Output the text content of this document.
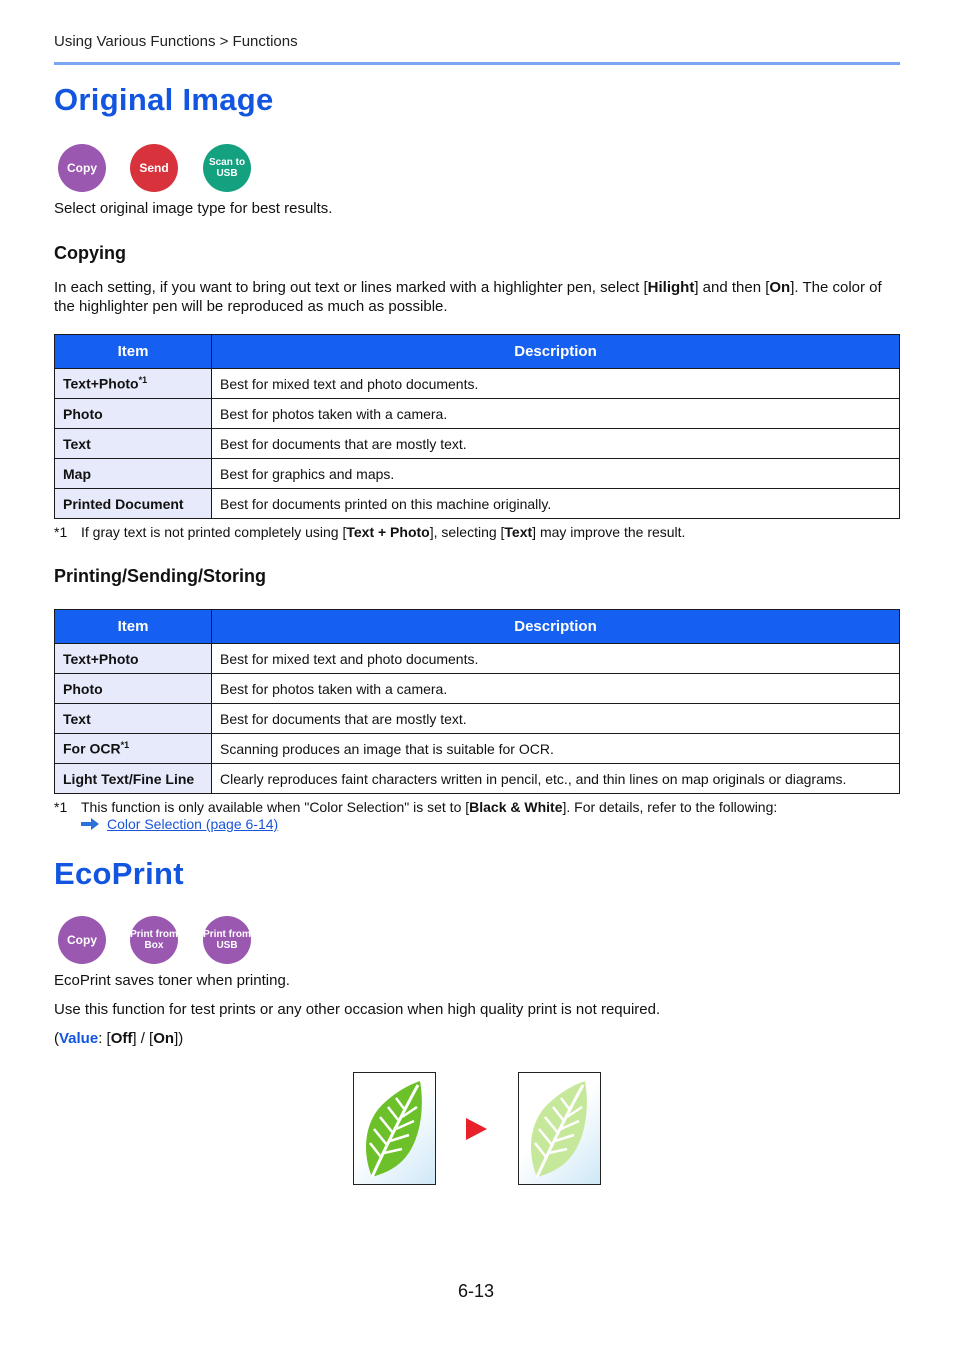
Using Various Functions > Functions
Original Image
Copy	Send	Scan to
USB
Select original image type for best results.
Copying
In each setting, if you want to bring out text or lines marked with a highlighter pen, select [Hilight] and then [On]. The color of the highlighter pen will be reproduced as much as possible.
Item	Description
Text+Photo$^{*1}$	Best for mixed text and photo documents.
Photo	Best for photos taken with a camera.
Text	Best for documents that are mostly text.
Map	Best for graphics and maps.
Printed Document	Best for documents printed on this machine originally.
*1 If gray text is not printed completely using [Text + Photo], selecting [Text] may improve the result.
Printing/Sending/Storing
Item	Description
Text+Photo	Best for mixed text and photo documents.
Photo	Best for photos taken with a camera.
Text	Best for documents that are mostly text.
For OCR$^{*1}$	Scanning produces an image that is suitable for OCR.
Light Text/Fine Line	Clearly reproduces faint characters written in pencil, etc., and thin lines on map originals or diagrams.
*1 This function is only available when "Color Selection" is set to [Black & White]. For details, refer to the following:
Color Selection (page 6-14)
EcoPrint
Copy	Print from
Box
Print from
USB
EcoPrint saves toner when printing.
Use this function for test prints or any other occasion when high quality print is not required.
(Value: [Off] / [On])
6-13
